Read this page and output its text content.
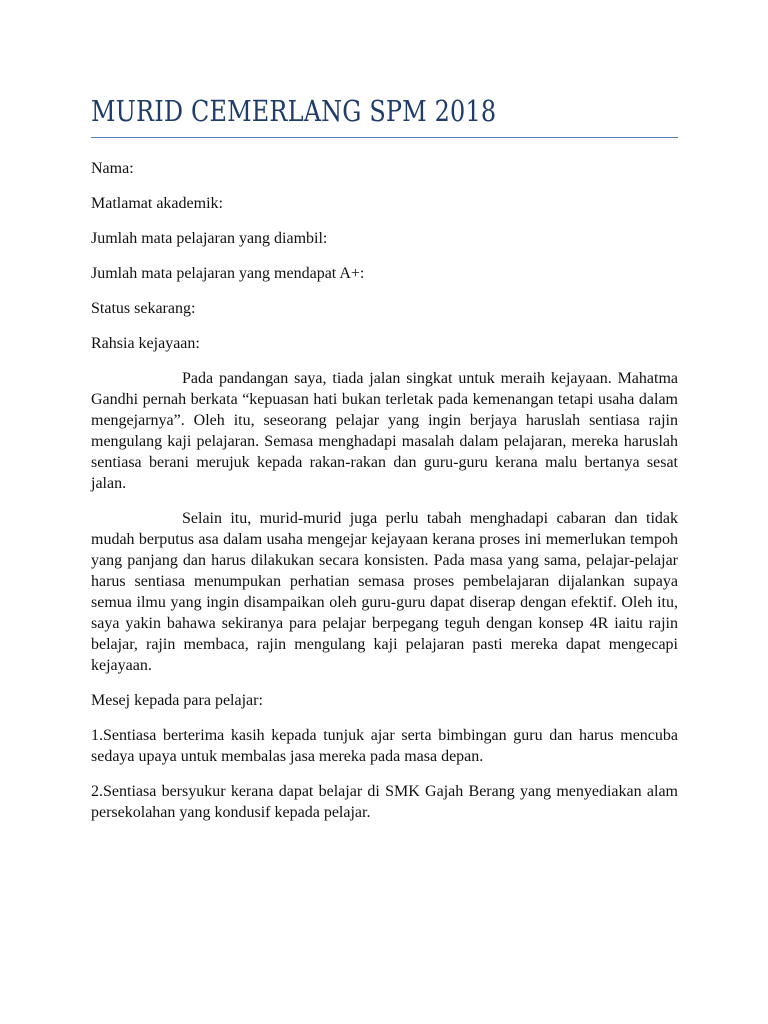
MURID CEMERLANG SPM 2018
Nama:
Matlamat akademik:
Jumlah mata pelajaran yang diambil:
Jumlah mata pelajaran yang mendapat A+:
Status sekarang:
Rahsia kejayaan:

Pada pandangan saya, tiada jalan singkat untuk meraih kejayaan. Mahatma Gandhi pernah berkata “kepuasan hati bukan terletak pada kemenangan tetapi usaha dalam mengejarnya”. Oleh itu, seseorang pelajar yang ingin berjaya haruslah sentiasa rajin mengulang kaji pelajaran. Semasa menghadapi masalah dalam pelajaran, mereka haruslah sentiasa berani merujuk kepada rakan-rakan dan guru-guru kerana malu bertanya sesat jalan.

Selain itu, murid-murid juga perlu tabah menghadapi cabaran dan tidak mudah berputus asa dalam usaha mengejar kejayaan kerana proses ini memerlukan tempoh yang panjang dan harus dilakukan secara konsisten. Pada masa yang sama, pelajar-pelajar harus sentiasa menumpukan perhatian semasa proses pembelajaran dijalankan supaya semua ilmu yang ingin disampaikan oleh guru-guru dapat diserap dengan efektif. Oleh itu, saya yakin bahawa sekiranya para pelajar berpegang teguh dengan konsep 4R iaitu rajin belajar, rajin membaca, rajin mengulang kaji pelajaran pasti mereka dapat mengecapi kejayaan.

Mesej kepada para pelajar:

1.Sentiasa berterima kasih kepada tunjuk ajar serta bimbingan guru dan harus mencuba sedaya upaya untuk membalas jasa mereka pada masa depan.

2.Sentiasa bersyukur kerana dapat belajar di SMK Gajah Berang yang menyediakan alam persekolahan yang kondusif kepada pelajar.
